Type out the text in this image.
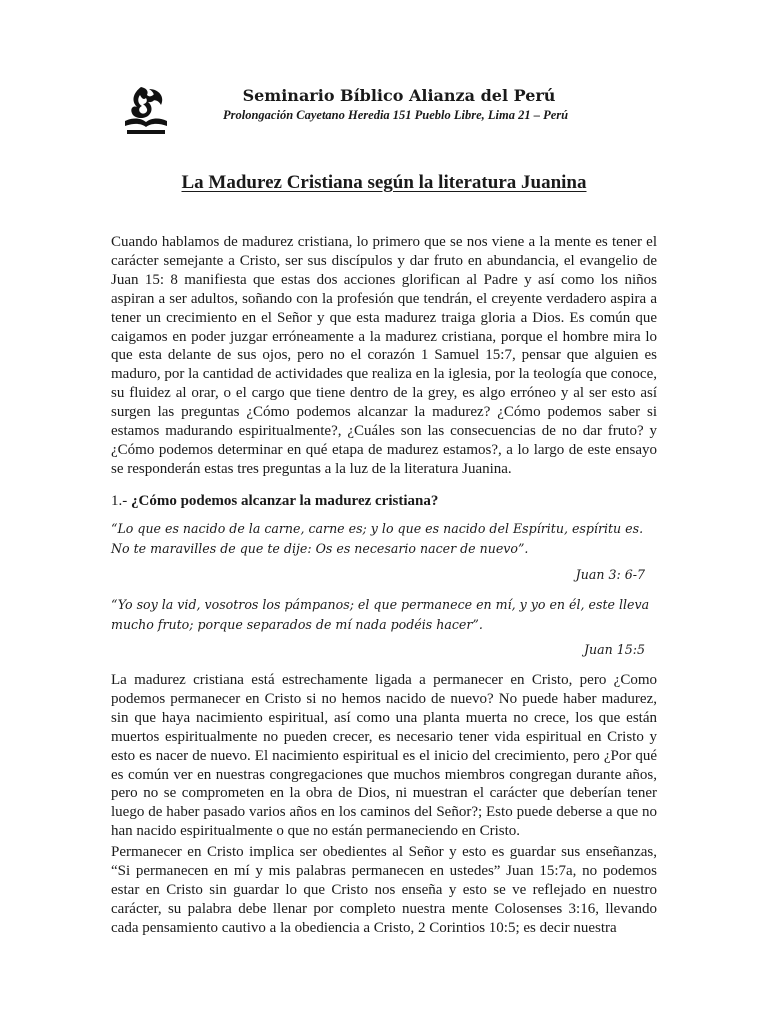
Seminario Bíblico Alianza del Perú
Prolongación Cayetano Heredia 151 Pueblo Libre, Lima 21 – Perú
La Madurez Cristiana según la literatura Juanina

Cuando hablamos de madurez cristiana, lo primero que se nos viene a la mente es tener el carácter semejante a Cristo, ser sus discípulos y dar fruto en abundancia, el evangelio de Juan 15: 8 manifiesta que estas dos acciones glorifican al Padre y así como los niños aspiran a ser adultos, soñando con la profesión que tendrán, el creyente verdadero aspira a tener un crecimiento en el Señor y que esta madurez traiga gloria a Dios. Es común que caigamos en poder juzgar erróneamente a la madurez cristiana, porque el hombre mira lo que esta delante de sus ojos, pero no el corazón 1 Samuel 15:7, pensar que alguien es maduro, por la cantidad de actividades que realiza en la iglesia, por la teología que conoce, su fluidez al orar, o el cargo que tiene dentro de la grey, es algo erróneo y al ser esto así surgen las preguntas ¿Cómo podemos alcanzar la madurez? ¿Cómo podemos saber si estamos madurando espiritualmente?, ¿Cuáles son las consecuencias de no dar fruto? y ¿Cómo podemos determinar en qué etapa de madurez estamos?, a lo largo de este ensayo se responderán estas tres preguntas a la luz de la literatura Juanina.

1.- ¿Cómo podemos alcanzar la madurez cristiana?

“Lo que es nacido de la carne, carne es; y lo que es nacido del Espíritu, espíritu es. No te maravilles de que te dije: Os es necesario nacer de nuevo”.

Juan 3: 6-7

“Yo soy la vid, vosotros los pámpanos; el que permanece en mí, y yo en él, este lleva mucho fruto; porque separados de mí nada podéis hacer”.

Juan 15:5

La madurez cristiana está estrechamente ligada a permanecer en Cristo, pero ¿Como podemos permanecer en Cristo si no hemos nacido de nuevo? No puede haber madurez, sin que haya nacimiento espiritual, así como una planta muerta no crece, los que están muertos espiritualmente no pueden crecer, es necesario tener vida espiritual en Cristo y esto es nacer de nuevo. El nacimiento espiritual es el inicio del crecimiento, pero ¿Por qué es común ver en nuestras congregaciones que muchos miembros congregan durante años, pero no se comprometen en la obra de Dios, ni muestran el carácter que deberían tener luego de haber pasado varios años en los caminos del Señor?; Esto puede deberse a que no han nacido espiritualmente o que no están permaneciendo en Cristo.

Permanecer en Cristo implica ser obedientes al Señor y esto es guardar sus enseñanzas, “Si permanecen en mí y mis palabras permanecen en ustedes” Juan 15:7a, no podemos estar en Cristo sin guardar lo que Cristo nos enseña y esto se ve reflejado en nuestro carácter, su palabra debe llenar por completo nuestra mente Colosenses 3:16, llevando cada pensamiento cautivo a la obediencia a Cristo, 2 Corintios 10:5; es decir nuestra
